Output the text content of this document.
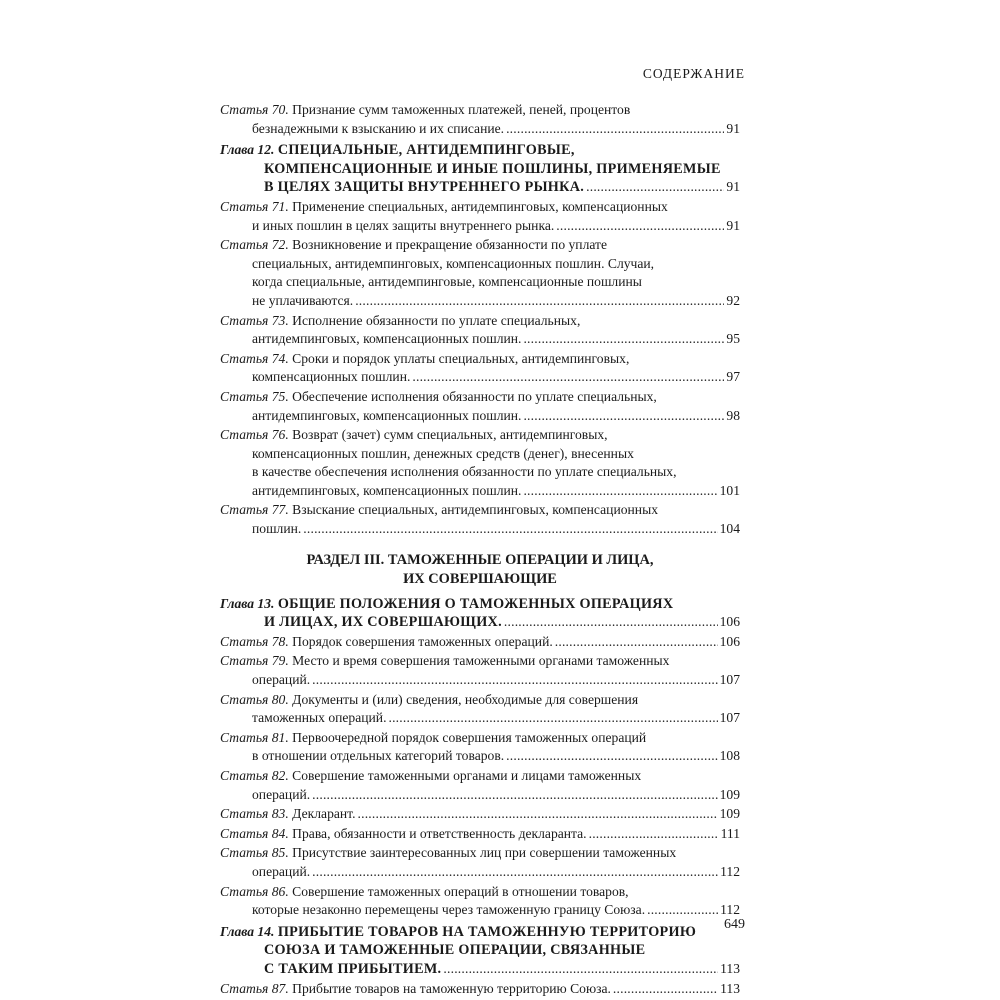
СОДЕРЖАНИЕ
Статья 70.
Признание сумм таможенных платежей, пеней, процентов
безнадежными к взысканию и их списание. . . .	91
Глава 12.
СПЕЦИАЛЬНЫЕ, АНТИДЕМПИНГОВЫЕ,
КОМПЕНСАЦИОННЫЕ И ИНЫЕ ПОШЛИНЫ, ПРИМЕНЯЕМЫЕ
В ЦЕЛЯХ ЗАЩИТЫ ВНУТРЕННЕГО РЫНКА. . . .	91
Статья 71.
Применение специальных, антидемпинговых, компенсационных
и иных пошлин в целях защиты внутреннего рынка. . . .	91
Статья 72.
Возникновение и прекращение обязанности по уплате
специальных, антидемпинговых, компенсационных пошлин. Случаи,
когда специальные, антидемпинговые, компенсационные пошлины
не уплачиваются. . . .	92
Статья 73.
Исполнение обязанности по уплате специальных,
антидемпинговых, компенсационных пошлин. . . .	95
Статья 74.
Сроки и порядок уплаты специальных, антидемпинговых,
компенсационных пошлин. . . .	97
Статья 75.
Обеспечение исполнения обязанности по уплате специальных,
антидемпинговых, компенсационных пошлин. . . .	98
Статья 76.
Возврат (зачет) сумм специальных, антидемпинговых,
компенсационных пошлин, денежных средств (денег), внесенных
в качестве обеспечения исполнения обязанности по уплате специальных,
антидемпинговых, компенсационных пошлин. . . .	101
Статья 77.
Взыскание специальных, антидемпинговых, компенсационных
пошлин. . . .	104
РАЗДЕЛ III. ТАМОЖЕННЫЕ ОПЕРАЦИИ И ЛИЦА,
ИХ СОВЕРШАЮЩИЕ
Глава 13.
ОБЩИЕ ПОЛОЖЕНИЯ О ТАМОЖЕННЫХ ОПЕРАЦИЯХ
И ЛИЦАХ, ИХ СОВЕРШАЮЩИХ. . . .	106
Статья 78.
Порядок совершения таможенных операций. . . .	106
Статья 79.
Место и время совершения таможенными органами таможенных
операций. . . .	107
Статья 80.
Документы и (или) сведения, необходимые для совершения
таможенных операций. . . .	107
Статья 81.
Первоочередной порядок совершения таможенных операций
в отношении отдельных категорий товаров. . . .	108
Статья 82.
Совершение таможенными органами и лицами таможенных
операций. . . .	109
Статья 83.
Декларант. . . .	109
Статья 84.
Права, обязанности и ответственность декларанта. . . .	111
Статья 85.
Присутствие заинтересованных лиц при совершении таможенных
операций. . . .	112
Статья 86.
Совершение таможенных операций в отношении товаров,
которые незаконно перемещены через таможенную границу Союза. . . .	112
Глава 14.
ПРИБЫТИЕ ТОВАРОВ НА ТАМОЖЕННУЮ ТЕРРИТОРИЮ
СОЮЗА И ТАМОЖЕННЫЕ ОПЕРАЦИИ, СВЯЗАННЫЕ
С ТАКИМ ПРИБЫТИЕМ. . . .	113
Статья 87.
Прибытие товаров на таможенную территорию Союза. . . .	113
649
